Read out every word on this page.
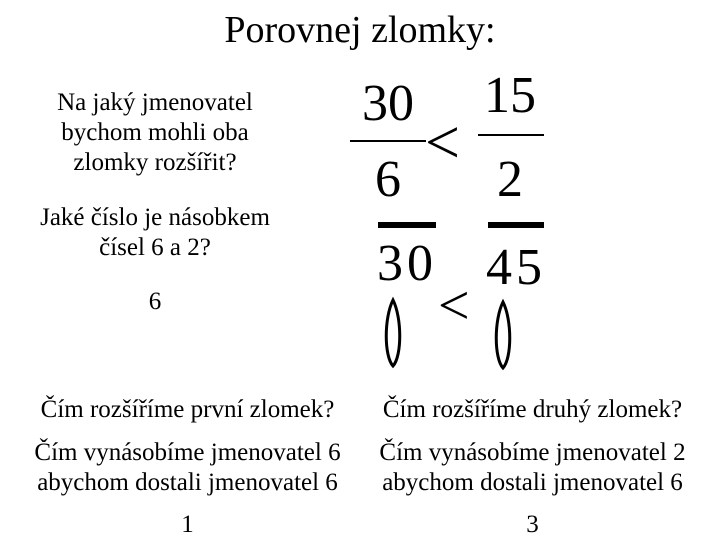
Porovnej zlomky:
Na jaký jmenovatel
bychom mohli oba
zlomky rozšířit?
Jaké číslo je násobkem
čísel 6 a 2?
6
30
6
<
15
2
30
<
45
Čím rozšíříme první zlomek?
Čím vynásobíme jmenovatel 6
abychom dostali jmenovatel 6
1
Čím rozšíříme druhý zlomek?
Čím vynásobíme jmenovatel 2
abychom dostali jmenovatel 6
3
